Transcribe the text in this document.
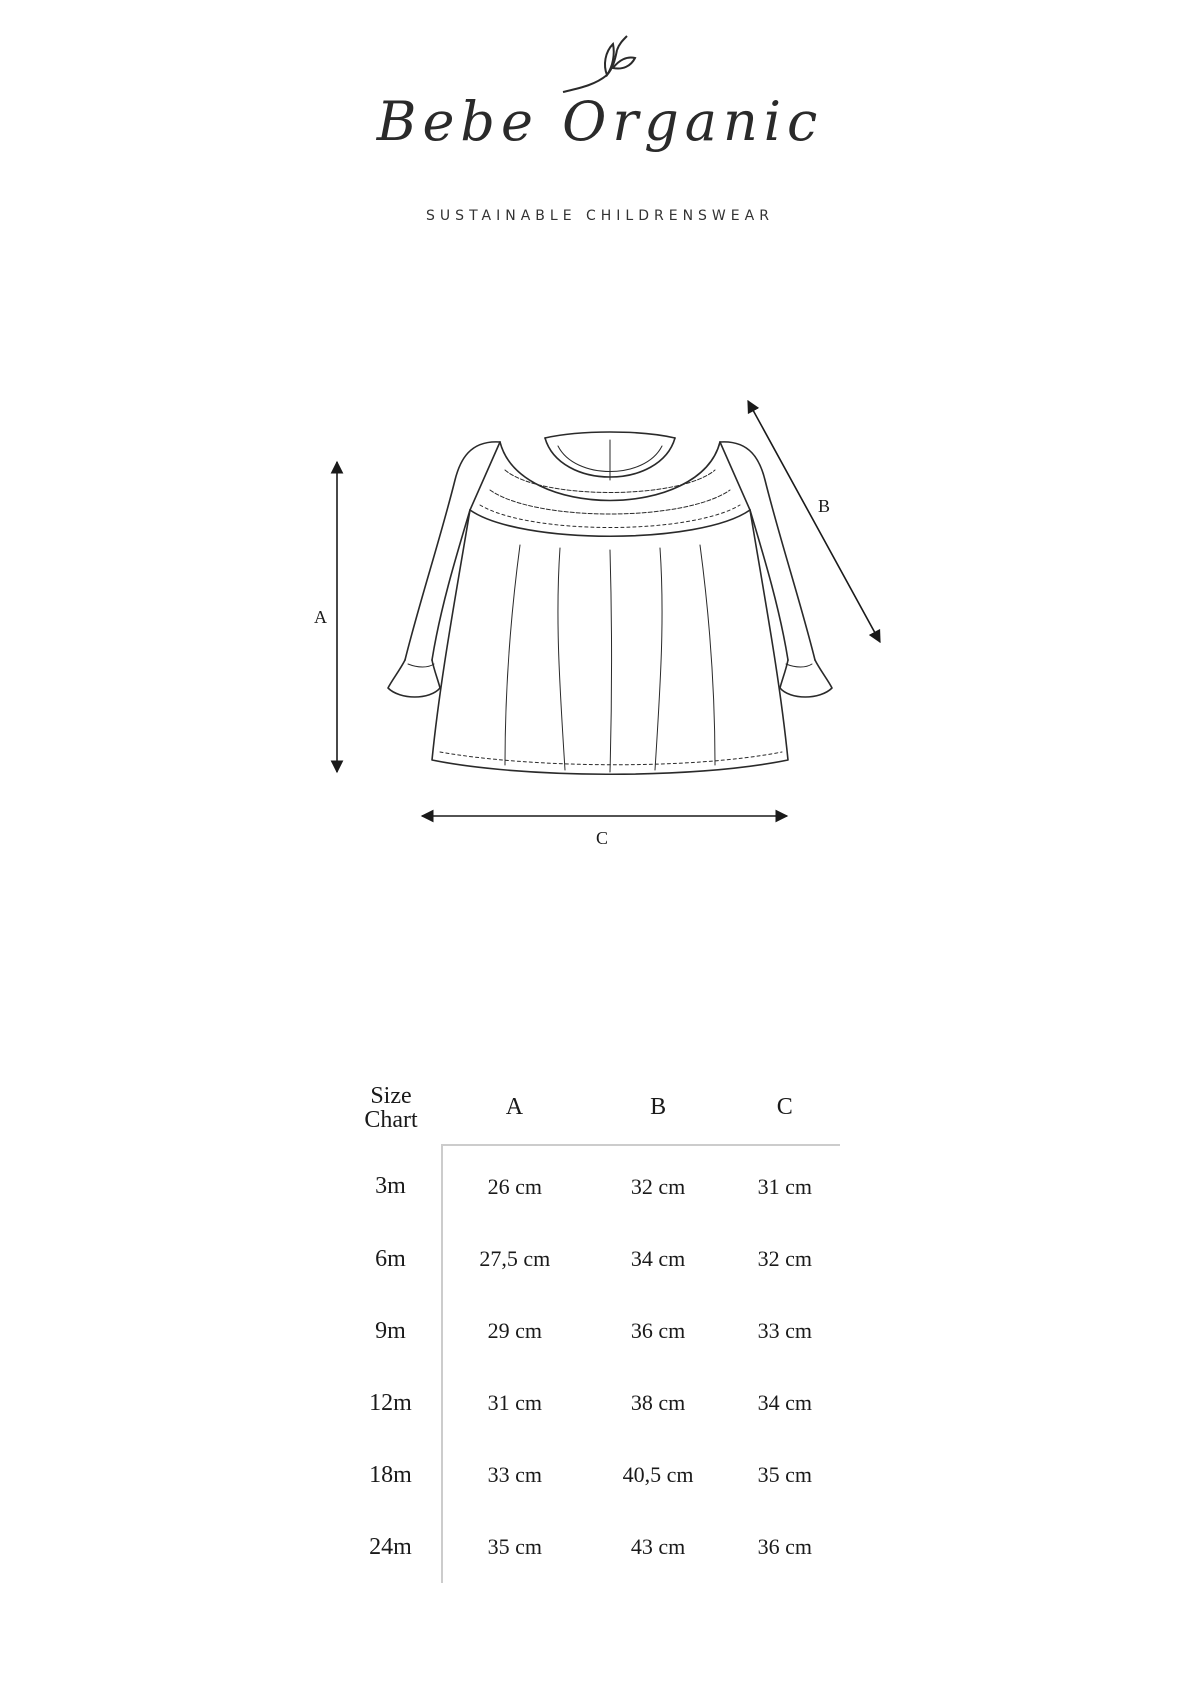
Bebe Organic
SUSTAINABLE CHILDRENSWEAR
A
B
C
Size
Chart	A	B	C
3m	26 cm	32 cm	31 cm
6m	27,5 cm	34 cm	32 cm
9m	29 cm	36 cm	33 cm
12m	31 cm	38 cm	34 cm
18m	33 cm	40,5 cm	35 cm
24m	35 cm	43 cm	36 cm
